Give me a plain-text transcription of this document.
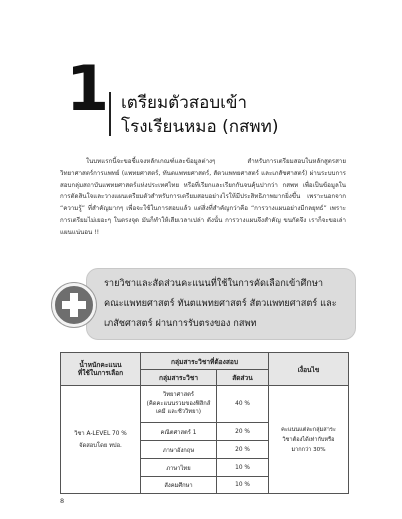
1 เตรียมตัวสอบเข้า
โรงเรียนหมอ (กสพท)
ในบทแรกนี้จะขอชี้แจงหลักเกณฑ์และข้อมูลต่างๆ สำหรับการเตรียมสอบในหลักสูตรสายวิทยาศาสตร์การแพทย์ (แพทยศาสตร์, ทันตแพทยศาสตร์, สัตวแพทยศาสตร์ และเภสัชศาสตร์) ผ่านระบบการสอบกลุ่มสถาบันแพทยศาสตร์แห่งประเทศไทย หรือที่เรียกและเรียกกันจนคุ้นปากว่า กสพท เพื่อเป็นข้อมูลในการตัดสินใจและวางแผนเตรียมตัวสำหรับการเตรียมสอบอย่างไรให้มีประสิทธิภาพมากยิ่งขึ้น เพราะนอกจาก “ความรู้” ที่สำคัญมากๆ เพื่อจะใช้ในการสอบแล้ว แต่สิ่งที่สำคัญกว่าคือ “การวางแผนอย่างมีกลยุทธ์” เพราะการเตรียมไม่เยอะๆ ในตรงจุด มันก็ทำให้เสียเวลาเปล่า ดังนั้น การวางแผนจึงสำคัญ ขนกัดจึง เราก็จะขอเล่าแผนแน่นอน !!
รายวิชาและสัดส่วนคะแนนที่ใช้ในการคัดเลือกเข้าศึกษา
คณะแพทยศาสตร์ ทันตแพทยศาสตร์ สัตวแพทยศาสตร์ และ
เภสัชศาสตร์ ผ่านการรับตรงของ กสพท
น้ำหนักคะแนน
ที่ใช้ในการเลือก	กลุ่มสาระวิชาที่ต้องสอบ		เงื่อนไข
	กลุ่มสาระวิชา	สัดส่วน	

วิชา A-LEVEL 70 %
จัดสอบโดย ทปอ.	วิทยาศาสตร์
(คิดคะแนนรวมของฟิสิกส์
เคมี และชีววิทยา)	40 %	คะแนนแต่ละกลุ่มสาระ
วิชาต้องได้เท่ากับหรือ
มากกว่า 30%

	คณิตศาสตร์ 1	20 %	
	ภาษาอังกฤษ	20 %	
	ภาษาไทย	10 %	
	สังคมศึกษา	10 %	
8
